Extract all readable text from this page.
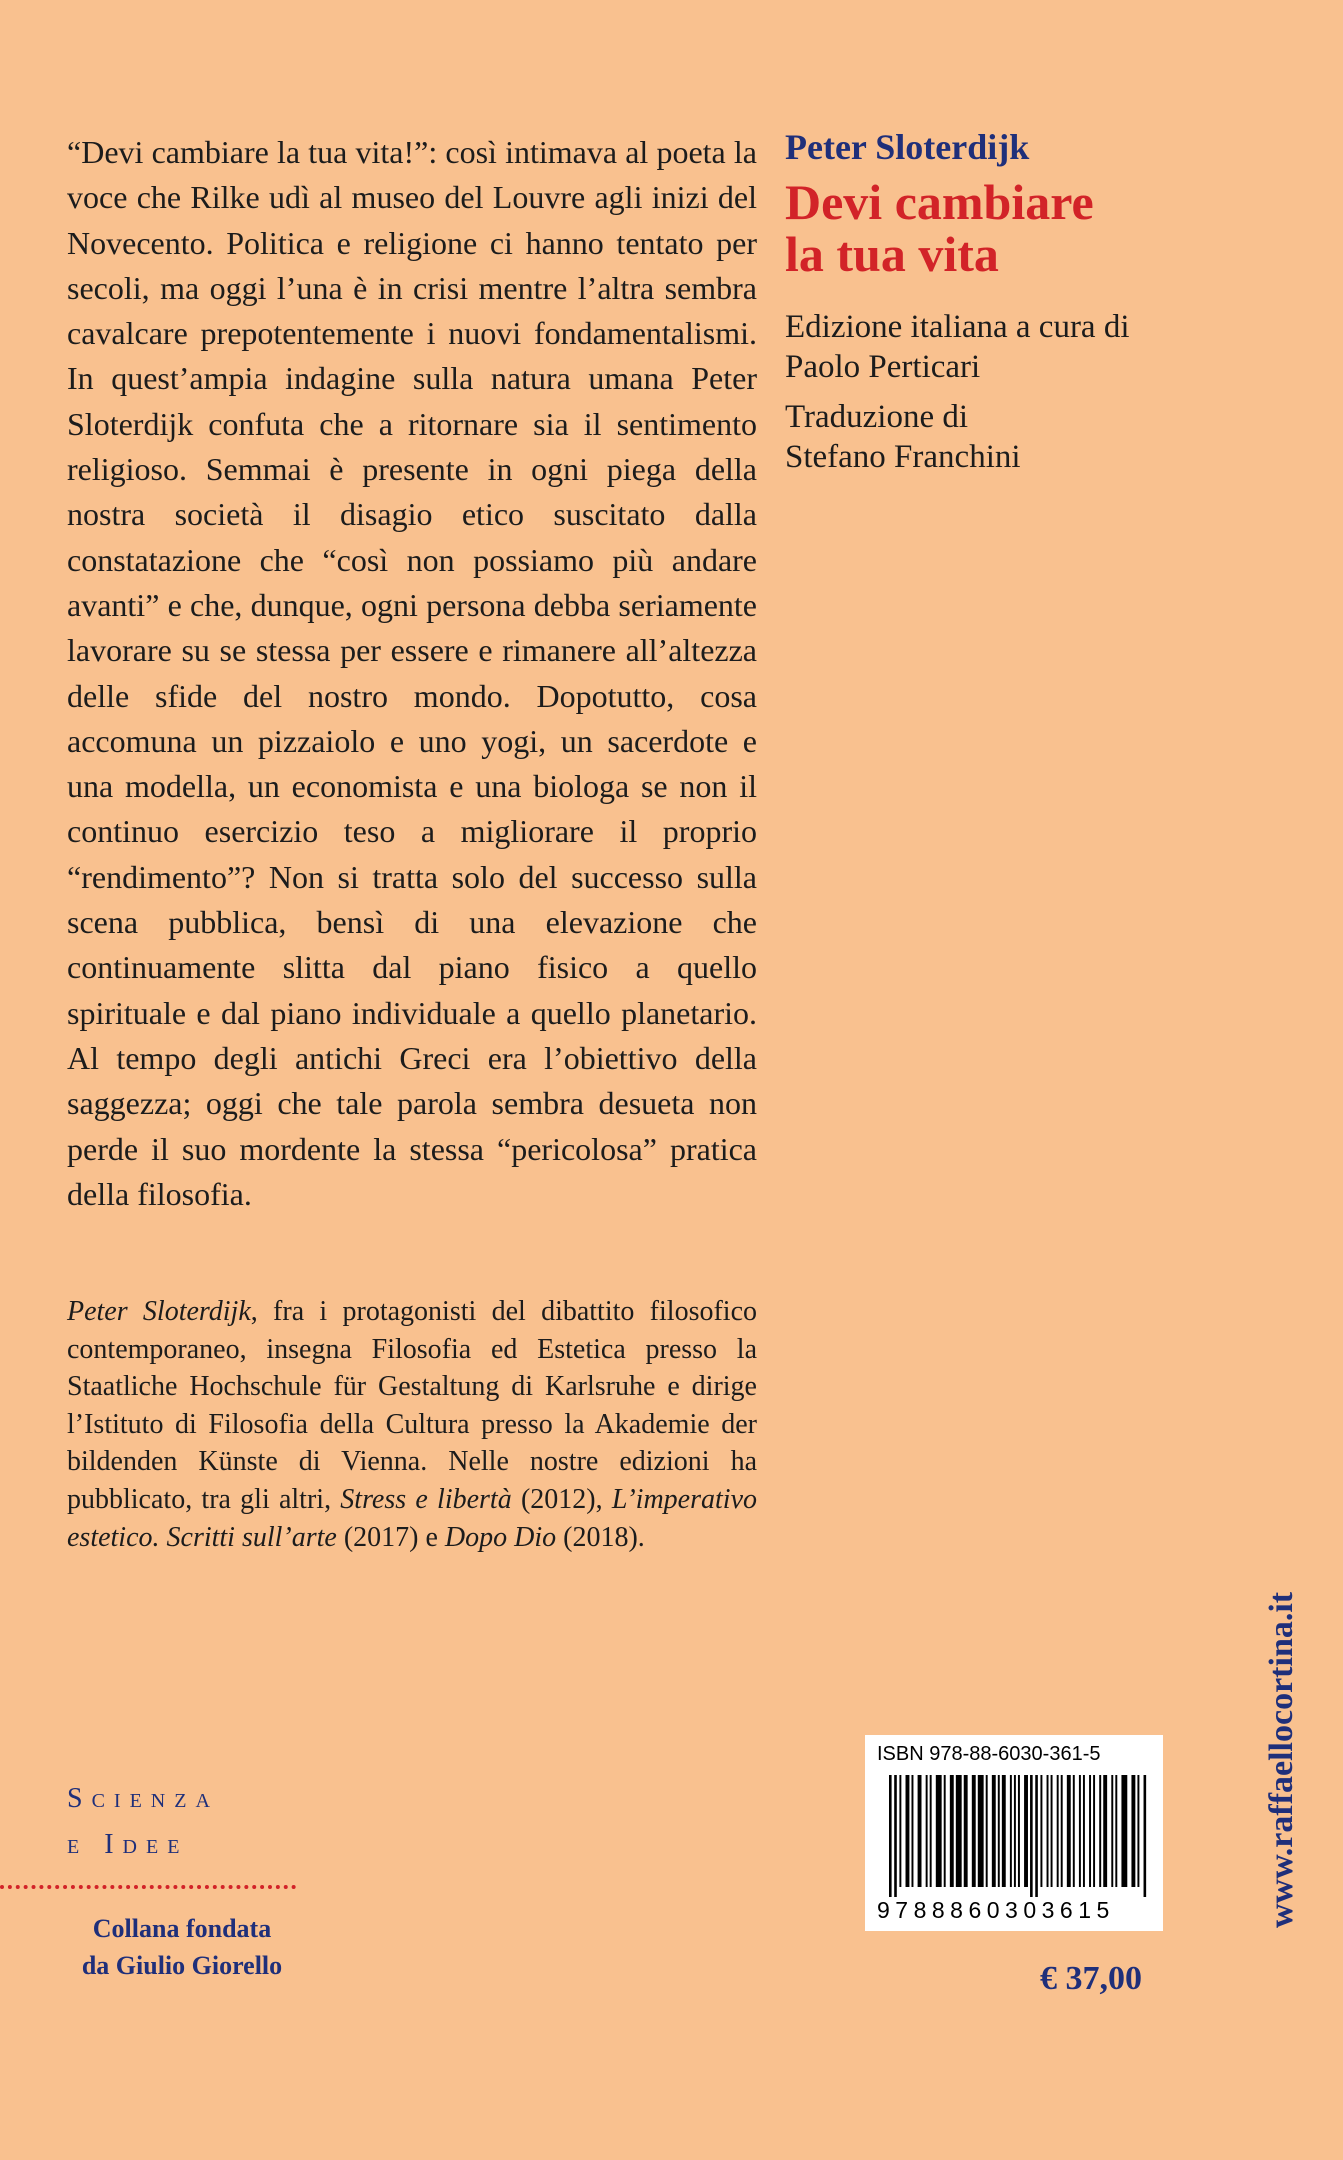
“Devi cambiare la tua vita!”: così intimava al poeta la voce che Rilke udì al museo del Louvre agli inizi del Novecento. Politica e religione ci hanno tentato per secoli, ma oggi l’una è in crisi mentre l’altra sembra cavalcare prepotentemente i nuovi fondamentalismi. In quest’ampia indagine sulla natura umana Peter Sloterdijk confuta che a ritornare sia il sentimento religioso. Semmai è presente in ogni piega della nostra società il disagio etico suscitato dalla constatazione che “così non possiamo più andare avanti” e che, dunque, ogni persona debba seriamente lavorare su se stessa per essere e rimanere all’altezza delle sfide del nostro mondo. Dopotutto, cosa accomuna un pizzaiolo e uno yogi, un sacerdote e una modella, un economista e una biologa se non il continuo esercizio teso a migliorare il proprio “rendimento”? Non si tratta solo del successo sulla scena pubblica, bensì di una elevazione che continuamente slitta dal piano fisico a quello spirituale e dal piano individuale a quello planetario. Al tempo degli antichi Greci era l’obiettivo della saggezza; oggi che tale parola sembra desueta non perde il suo mordente la stessa “pericolosa” pratica della filosofia.

Peter Sloterdijk, fra i protagonisti del dibattito filosofico contemporaneo, insegna Filosofia ed Estetica presso la Staatliche Hochschule für Gestaltung di Karlsruhe e dirige l’Istituto di Filosofia della Cultura presso la Akademie der bildenden Künste di Vienna. Nelle nostre edizioni ha pubblicato, tra gli altri, Stress e libertà (2012), L’imperativo estetico. Scritti sull’arte (2017) e Dopo Dio (2018).

Peter Sloterdijk
Devi cambiare
la tua vita
Edizione italiana a cura di
Paolo Perticari
Traduzione di
Stefano Franchini
Scienza
e Idee
Collana fondata
da Giulio Giorello
ISBN 978-88-6030-361-5
9788860303615
€ 37,00
www.raffaellocortina.it
